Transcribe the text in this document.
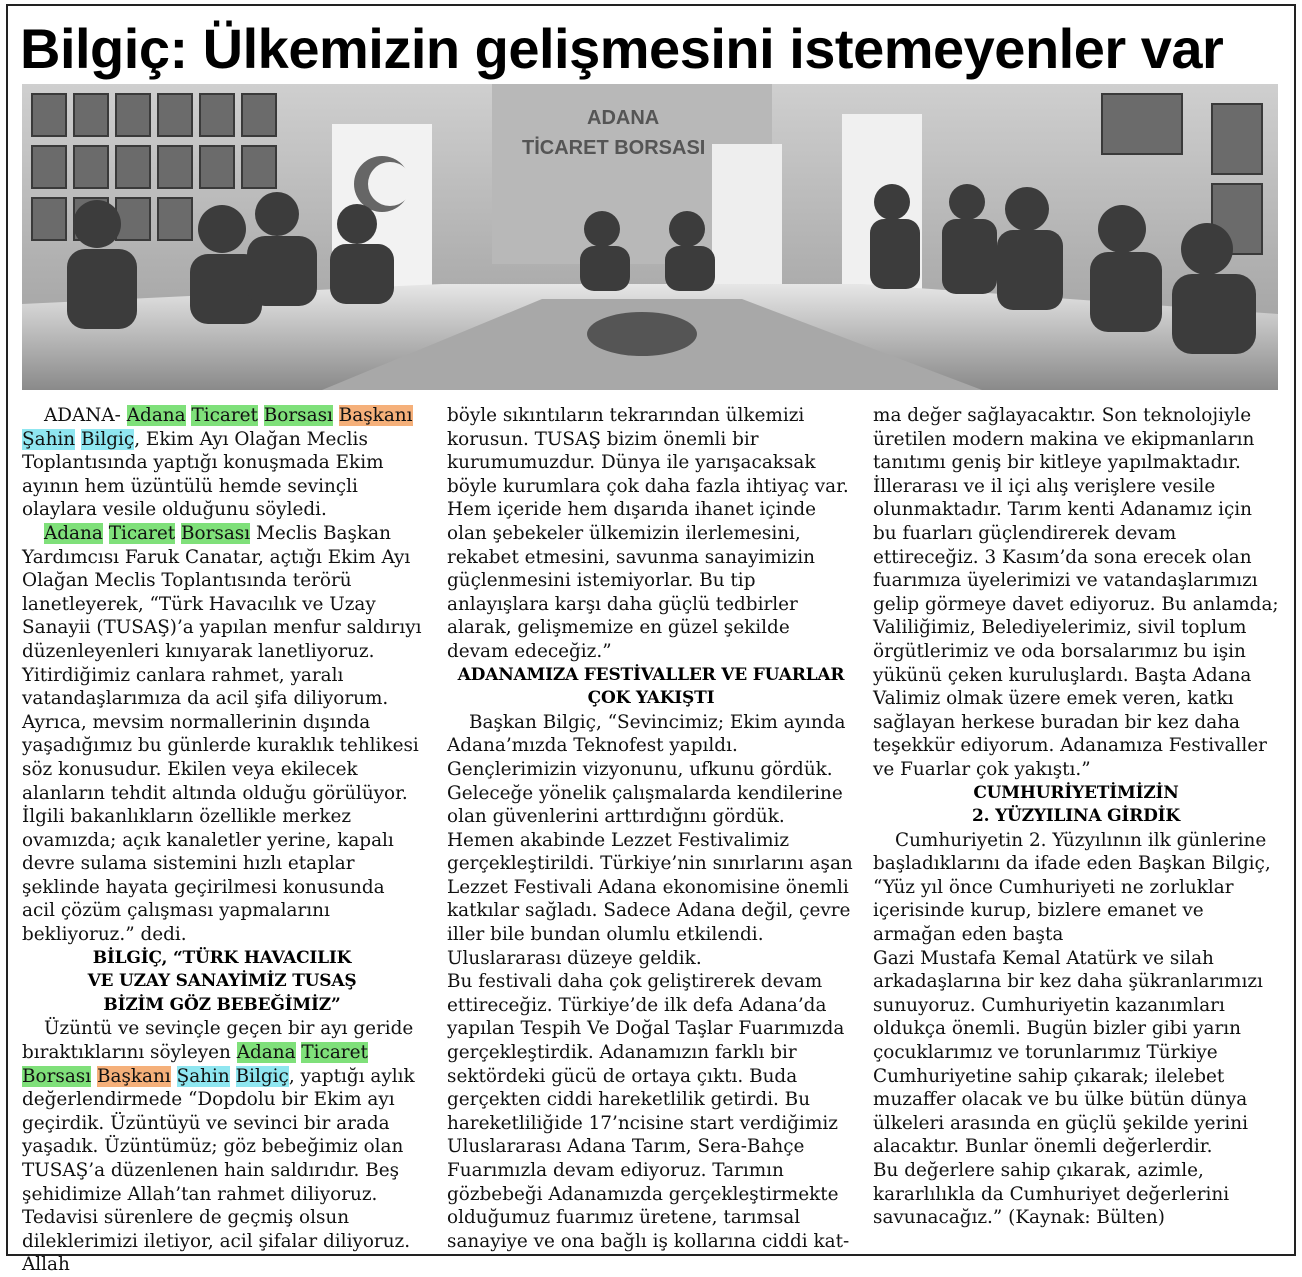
Bilgiç: Ülkemizin gelişmesini istemeyenler var
ADANA
TİCARET BORSASI

ADANA- Adana Ticaret Borsası Başkanı Şahin Bilgiç, Ekim Ayı Olağan Meclis Toplantısında yaptığı konuşmada Ekim ayının hem üzüntülü hemde sevinçli olaylara vesile olduğunu söyledi.

Adana Ticaret Borsası Meclis Başkan Yardımcısı Faruk Canatar, açtığı Ekim Ayı Olağan Meclis Toplantısında terörü lanetleyerek, “Türk Havacılık ve Uzay Sanayii (TUSAŞ)’a yapılan menfur saldırıyı düzenleyenleri kınıyarak lanetliyoruz. Yitirdiğimiz canlara rahmet, yaralı vatandaşlarımıza da acil şifa diliyorum. Ayrıca, mevsim normallerinin dışında yaşadığımız bu günlerde kuraklık tehlikesi söz konusudur. Ekilen veya ekilecek alanların tehdit altında olduğu görülüyor. İlgili bakanlıkların özellikle merkez ovamızda; açık kanaletler yerine, kapalı devre sulama sistemini hızlı etaplar şeklinde hayata geçirilmesi konusunda acil çözüm çalışması yapmalarını bekliyoruz.” dedi.

BİLGİÇ, “TÜRK HAVACILIK
VE UZAY SANAYİMİZ TUSAŞ
BİZİM GÖZ BEBEĞİMİZ”

Üzüntü ve sevinçle geçen bir ayı geride bıraktıklarını söyleyen Adana Ticaret Borsası Başkanı Şahin Bilgiç, yaptığı aylık değerlendirmede “Dopdolu bir Ekim ayı geçirdik. Üzüntüyü ve sevinci bir arada yaşadık. Üzüntümüz; göz bebeğimiz olan TUSAŞ’a düzenlenen hain saldırıdır. Beş şehidimize Allah’tan rahmet diliyoruz. Tedavisi sürenlere de geçmiş olsun dileklerimizi iletiyor, acil şifalar diliyoruz. Allah

böyle sıkıntıların tekrarından ülkemizi korusun. TUSAŞ bizim önemli bir kurumumuzdur. Dünya ile yarışacaksak böyle kurumlara çok daha fazla ihtiyaç var. Hem içeride hem dışarıda ihanet içinde olan şebekeler ülkemizin ilerlemesini, rekabet etmesini, savunma sanayimizin güçlenmesini istemiyorlar. Bu tip anlayışlara karşı daha güçlü tedbirler alarak, gelişmemize en güzel şekilde devam edeceğiz.”

ADANAMIZA FESTİVALLER VE FUARLAR
ÇOK YAKIŞTI

Başkan Bilgiç, “Sevincimiz; Ekim ayında Adana’mızda Teknofest yapıldı. Gençlerimizin vizyonunu, ufkunu gördük. Geleceğe yönelik çalışmalarda kendilerine olan güvenlerini arttırdığını gördük. Hemen akabinde Lezzet Festivalimiz gerçekleştirildi. Türkiye’nin sınırlarını aşan Lezzet Festivali Adana ekonomisine önemli katkılar sağladı. Sadece Adana değil, çevre iller bile bundan olumlu etkilendi. Uluslararası düzeye geldik.

Bu festivali daha çok geliştirerek devam ettireceğiz. Türkiye’de ilk defa Adana’da yapılan Tespih Ve Doğal Taşlar Fuarımızda gerçekleştirdik. Adanamızın farklı bir sektördeki gücü de ortaya çıktı. Buda gerçekten ciddi hareketlilik getirdi. Bu hareketliliğide 17’ncisine start verdiğimiz Uluslararası Adana Tarım, Sera-Bahçe Fuarımızla devam ediyoruz. Tarımın gözbebeği Adanamızda gerçekleştirmekte olduğumuz fuarımız üretene, tarımsal sanayiye ve ona bağlı iş kollarına ciddi kat-

ma değer sağlayacaktır. Son teknolojiyle üretilen modern makina ve ekipmanların tanıtımı geniş bir kitleye yapılmaktadır. İllerarası ve il içi alış verişlere vesile olunmaktadır. Tarım kenti Adanamız için bu fuarları güçlendirerek devam ettireceğiz. 3 Kasım’da sona erecek olan fuarımıza üyelerimizi ve vatandaşlarımızı gelip görmeye davet ediyoruz. Bu anlamda; Valiliğimiz, Belediyelerimiz, sivil toplum örgütlerimiz ve oda borsalarımız bu işin yükünü çeken kuruluşlardı. Başta Adana Valimiz olmak üzere emek veren, katkı sağlayan herkese buradan bir kez daha teşekkür ediyorum. Adanamıza Festivaller ve Fuarlar çok yakıştı.”

CUMHURİYETİMİZİN
2. YÜZYILINA GİRDİK

Cumhuriyetin 2. Yüzyılının ilk günlerine başladıklarını da ifade eden Başkan Bilgiç, “Yüz yıl önce Cumhuriyeti ne zorluklar içerisinde kurup, bizlere emanet ve armağan eden başta

Gazi Mustafa Kemal Atatürk ve silah arkadaşlarına bir kez daha şükranlarımızı sunuyoruz. Cumhuriyetin kazanımları oldukça önemli. Bugün bizler gibi yarın çocuklarımız ve torunlarımız Türkiye Cumhuriyetine sahip çıkarak; ilelebet muzaffer olacak ve bu ülke bütün dünya ülkeleri arasında en güçlü şekilde yerini alacaktır. Bunlar önemli değerlerdir.

Bu değerlere sahip çıkarak, azimle, kararlılıkla da Cumhuriyet değerlerini savunacağız.” (Kaynak: Bülten)
